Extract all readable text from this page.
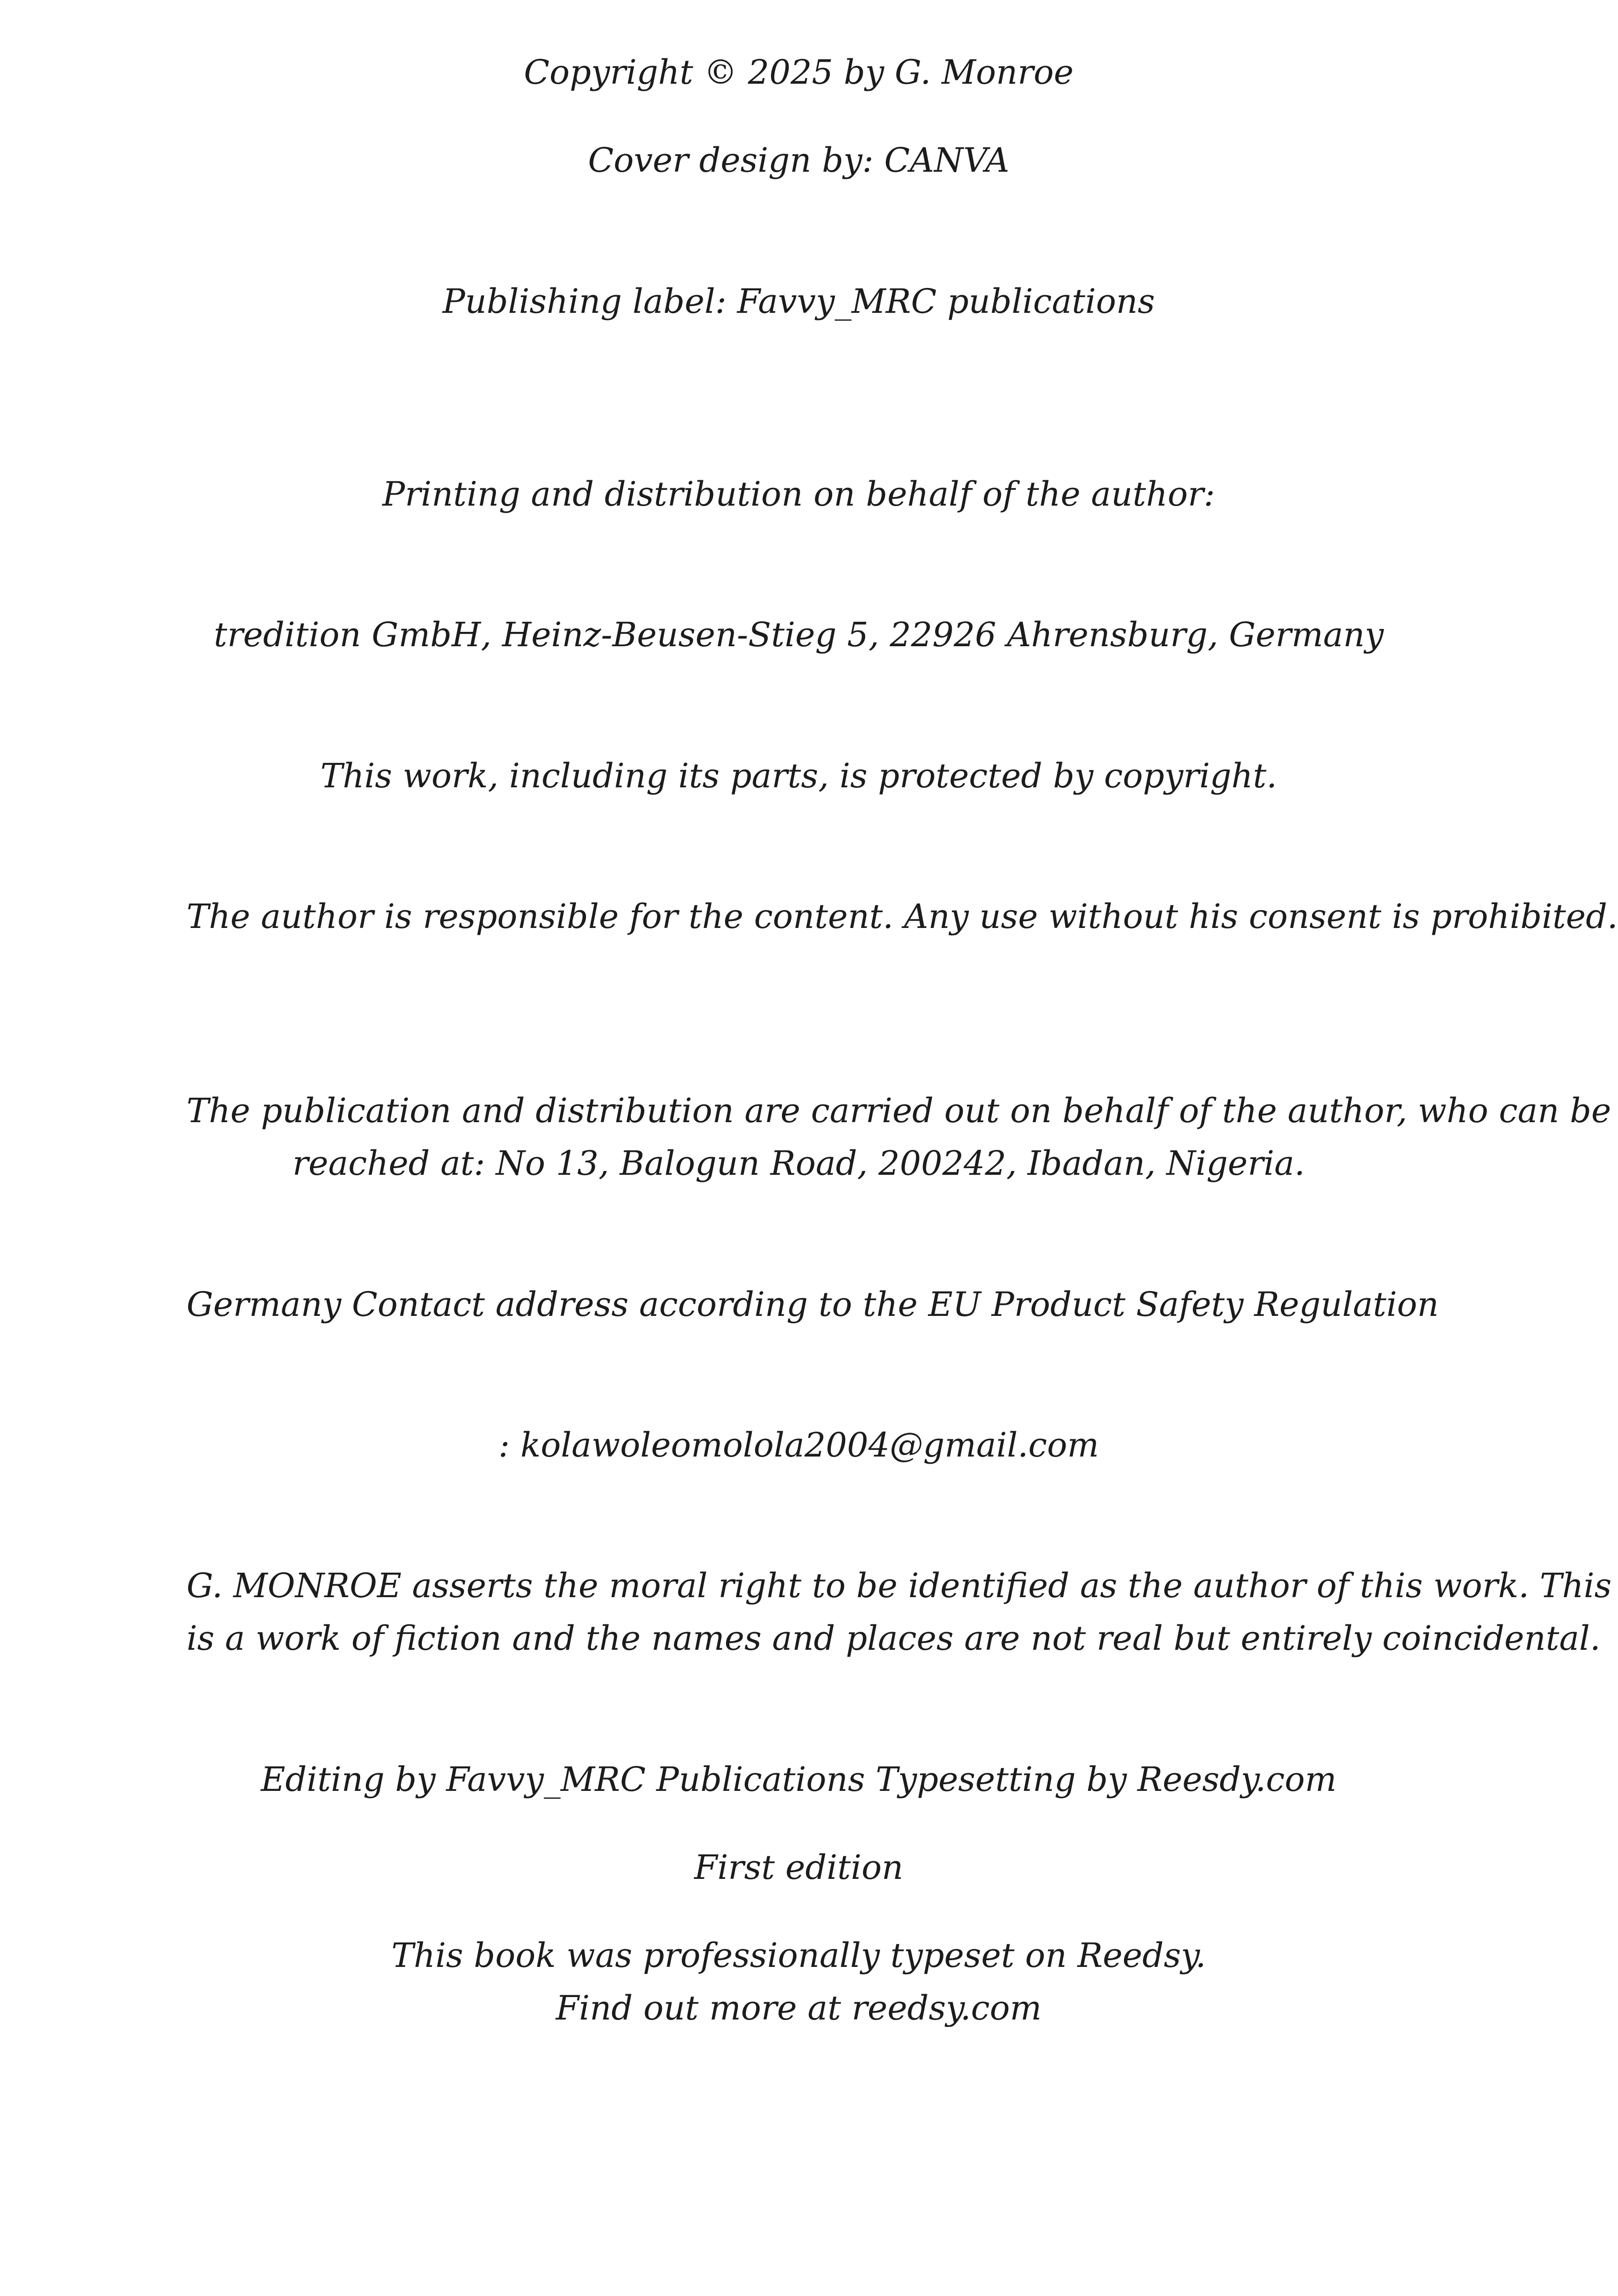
Copyright © 2025 by G. Monroe
Cover design by: CANVA
Publishing label: Favvy_MRC publications
Printing and distribution on behalf of the author:
tredition GmbH, Heinz-Beusen-Stieg 5, 22926 Ahrensburg, Germany
This work, including its parts, is protected by copyright.
The author is responsible for the content. Any use without his consent is prohibited.
The publication and distribution are carried out on behalf of the author, who can be
reached at: No 13, Balogun Road, 200242, Ibadan, Nigeria.
Germany Contact address according to the EU Product Safety Regulation
: kolawoleomolola2004@gmail.com
G. MONROE asserts the moral right to be identified as the author of this work. This
is a work of fiction and the names and places are not real but entirely coincidental.
Editing by Favvy_MRC Publications Typesetting by Reesdy.com
First edition
This book was professionally typeset on Reedsy.
Find out more at reedsy.com
